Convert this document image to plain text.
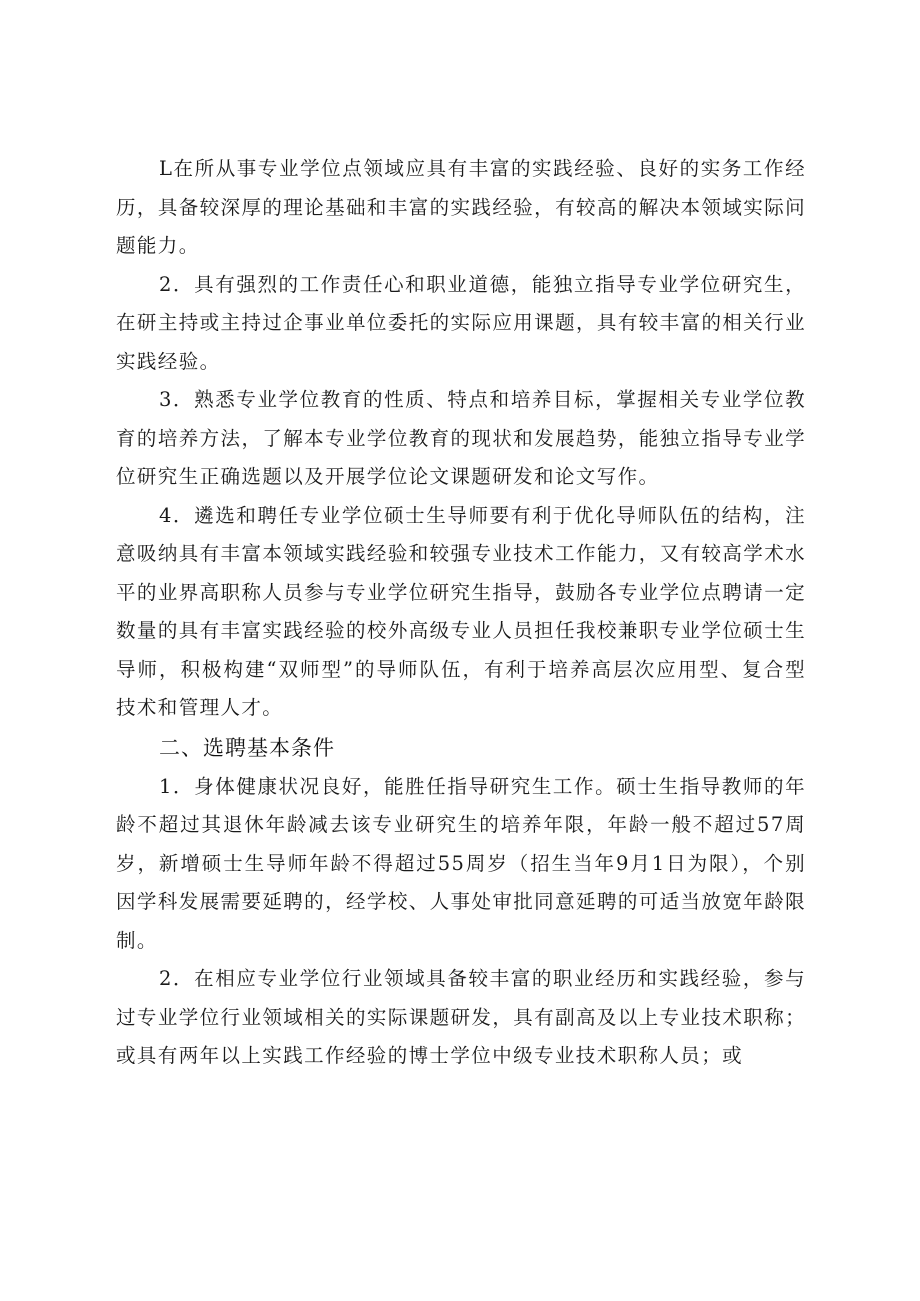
L在所从事专业学位点领域应具有丰富的实践经验、良好的实务工作经历，具备较深厚的理论基础和丰富的实践经验，有较高的解决本领域实际问题能力。

2．具有强烈的工作责任心和职业道德，能独立指导专业学位研究生，在研主持或主持过企事业单位委托的实际应用课题，具有较丰富的相关行业实践经验。

3．熟悉专业学位教育的性质、特点和培养目标，掌握相关专业学位教育的培养方法，了解本专业学位教育的现状和发展趋势，能独立指导专业学位研究生正确选题以及开展学位论文课题研发和论文写作。

4．遴选和聘任专业学位硕士生导师要有利于优化导师队伍的结构，注意吸纳具有丰富本领域实践经验和较强专业技术工作能力，又有较高学术水平的业界高职称人员参与专业学位研究生指导，鼓励各专业学位点聘请一定数量的具有丰富实践经验的校外高级专业人员担任我校兼职专业学位硕士生导师，积极构建“双师型”的导师队伍，有利于培养高层次应用型、复合型技术和管理人才。

二、选聘基本条件

1．身体健康状况良好，能胜任指导研究生工作。硕士生指导教师的年龄不超过其退休年龄减去该专业研究生的培养年限，年龄一般不超过57周岁，新增硕士生导师年龄不得超过55周岁（招生当年9月1日为限），个别因学科发展需要延聘的，经学校、人事处审批同意延聘的可适当放宽年龄限制。

2．在相应专业学位行业领域具备较丰富的职业经历和实践经验，参与过专业学位行业领域相关的实际课题研发，具有副高及以上专业技术职称；或具有两年以上实践工作经验的博士学位中级专业技术职称人员；或
